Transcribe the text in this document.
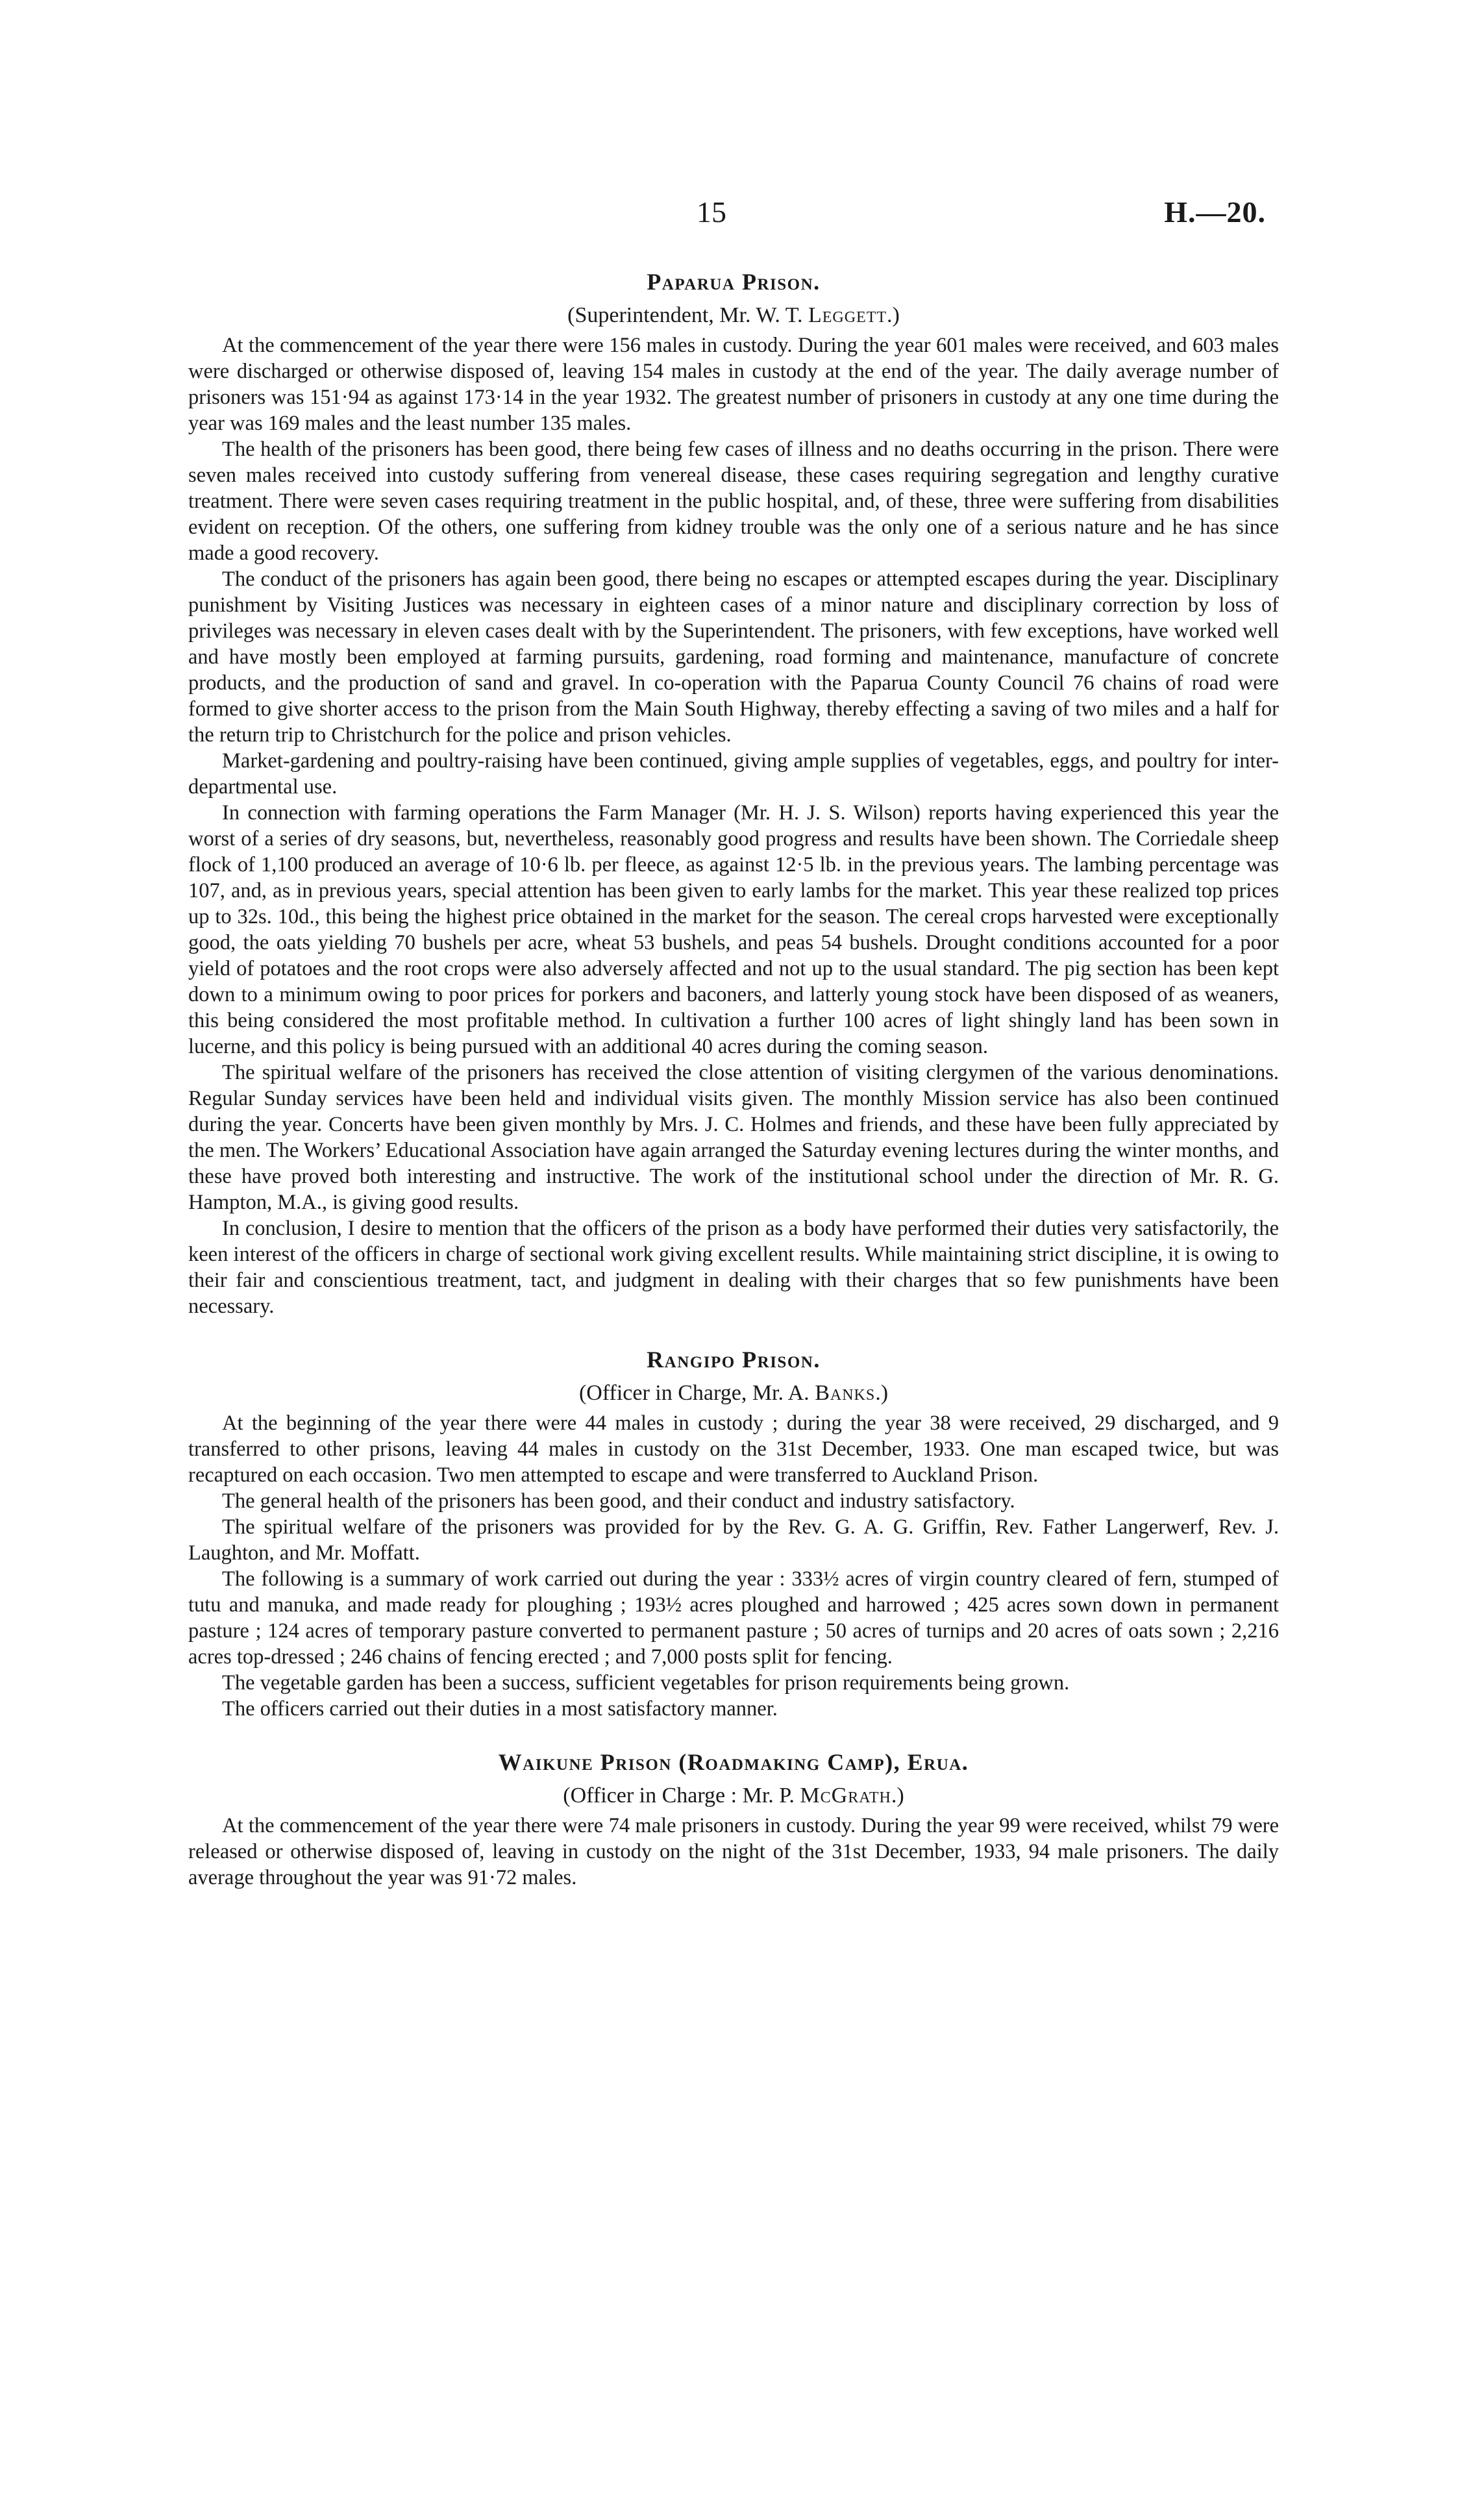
15	H.—20.
Paparua Prison.

(Superintendent, Mr. W. T. Leggett.)

At the commencement of the year there were 156 males in custody. During the year 601 males were received, and 603 males were discharged or otherwise disposed of, leaving 154 males in custody at the end of the year. The daily average number of prisoners was 151·94 as against 173·14 in the year 1932. The greatest number of prisoners in custody at any one time during the year was 169 males and the least number 135 males.

The health of the prisoners has been good, there being few cases of illness and no deaths occurring in the prison. There were seven males received into custody suffering from venereal disease, these cases requiring segregation and lengthy curative treatment. There were seven cases requiring treatment in the public hospital, and, of these, three were suffering from disabilities evident on reception. Of the others, one suffering from kidney trouble was the only one of a serious nature and he has since made a good recovery.

The conduct of the prisoners has again been good, there being no escapes or attempted escapes during the year. Disciplinary punishment by Visiting Justices was necessary in eighteen cases of a minor nature and disciplinary correction by loss of privileges was necessary in eleven cases dealt with by the Superintendent. The prisoners, with few exceptions, have worked well and have mostly been employed at farming pursuits, gardening, road forming and maintenance, manufacture of concrete products, and the production of sand and gravel. In co-operation with the Paparua County Council 76 chains of road were formed to give shorter access to the prison from the Main South Highway, thereby effecting a saving of two miles and a half for the return trip to Christchurch for the police and prison vehicles.

Market-gardening and poultry-raising have been continued, giving ample supplies of vegetables, eggs, and poultry for inter-departmental use.

In connection with farming operations the Farm Manager (Mr. H. J. S. Wilson) reports having experienced this year the worst of a series of dry seasons, but, nevertheless, reasonably good progress and results have been shown. The Corriedale sheep flock of 1,100 produced an average of 10·6 lb. per fleece, as against 12·5 lb. in the previous years. The lambing percentage was 107, and, as in previous years, special attention has been given to early lambs for the market. This year these realized top prices up to 32s. 10d., this being the highest price obtained in the market for the season. The cereal crops harvested were exceptionally good, the oats yielding 70 bushels per acre, wheat 53 bushels, and peas 54 bushels. Drought conditions accounted for a poor yield of potatoes and the root crops were also adversely affected and not up to the usual standard. The pig section has been kept down to a minimum owing to poor prices for porkers and baconers, and latterly young stock have been disposed of as weaners, this being considered the most profitable method. In cultivation a further 100 acres of light shingly land has been sown in lucerne, and this policy is being pursued with an additional 40 acres during the coming season.

The spiritual welfare of the prisoners has received the close attention of visiting clergymen of the various denominations. Regular Sunday services have been held and individual visits given. The monthly Mission service has also been continued during the year. Concerts have been given monthly by Mrs. J. C. Holmes and friends, and these have been fully appreciated by the men. The Workers’ Educational Association have again arranged the Saturday evening lectures during the winter months, and these have proved both interesting and instructive. The work of the institutional school under the direction of Mr. R. G. Hampton, M.A., is giving good results.

In conclusion, I desire to mention that the officers of the prison as a body have performed their duties very satisfactorily, the keen interest of the officers in charge of sectional work giving excellent results. While maintaining strict discipline, it is owing to their fair and conscientious treatment, tact, and judgment in dealing with their charges that so few punishments have been necessary.

Rangipo Prison.

(Officer in Charge, Mr. A. Banks.)

At the beginning of the year there were 44 males in custody ; during the year 38 were received, 29 discharged, and 9 transferred to other prisons, leaving 44 males in custody on the 31st December, 1933. One man escaped twice, but was recaptured on each occasion. Two men attempted to escape and were transferred to Auckland Prison.

The general health of the prisoners has been good, and their conduct and industry satisfactory.

The spiritual welfare of the prisoners was provided for by the Rev. G. A. G. Griffin, Rev. Father Langerwerf, Rev. J. Laughton, and Mr. Moffatt.

The following is a summary of work carried out during the year : 333½ acres of virgin country cleared of fern, stumped of tutu and manuka, and made ready for ploughing ; 193½ acres ploughed and harrowed ; 425 acres sown down in permanent pasture ; 124 acres of temporary pasture converted to permanent pasture ; 50 acres of turnips and 20 acres of oats sown ; 2,216 acres top-dressed ; 246 chains of fencing erected ; and 7,000 posts split for fencing.

The vegetable garden has been a success, sufficient vegetables for prison requirements being grown.

The officers carried out their duties in a most satisfactory manner.

Waikune Prison (Roadmaking Camp), Erua.

(Officer in Charge : Mr. P. McGrath.)

At the commencement of the year there were 74 male prisoners in custody. During the year 99 were received, whilst 79 were released or otherwise disposed of, leaving in custody on the night of the 31st December, 1933, 94 male prisoners. The daily average throughout the year was 91·72 males.
